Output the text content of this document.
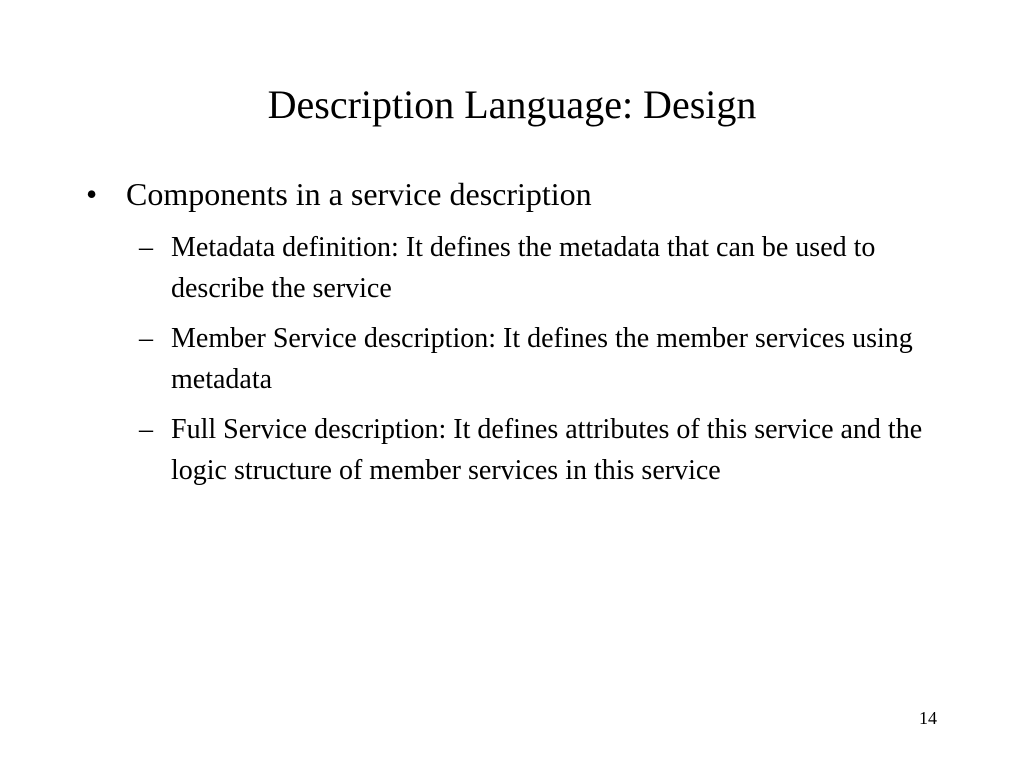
Description Language: Design
• Components in a service description
– Metadata definition: It defines the metadata that can be used to describe the service
– Member Service description: It defines the member services using metadata
– Full Service description: It defines attributes of this service and the logic structure of member services in this service
14
